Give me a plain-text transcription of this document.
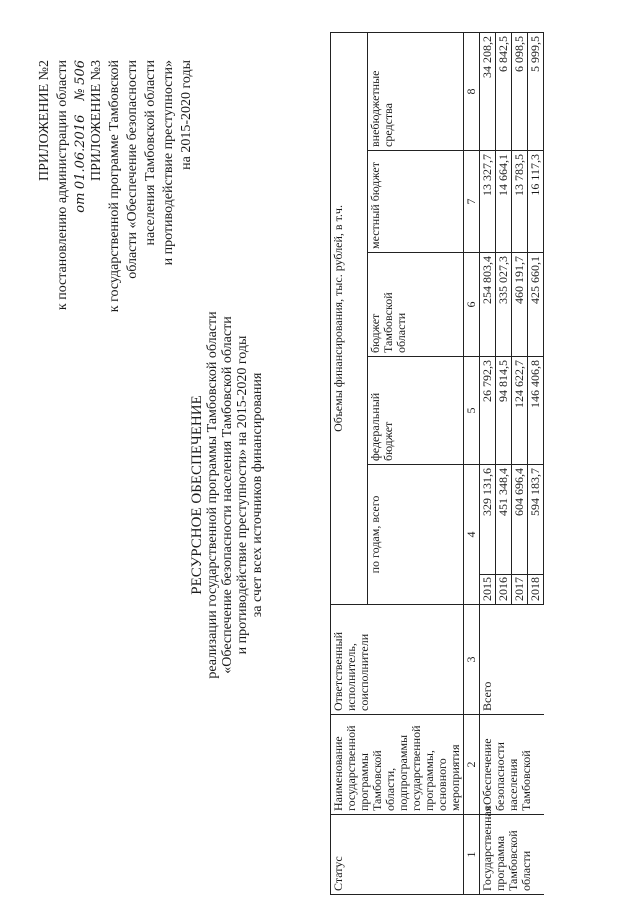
ПРИЛОЖЕНИЕ №2 к постановлению администрации области от 01.06.2016    № 506 ПРИЛОЖЕНИЕ №3 к государственной программе Тамбовской области «Обеспечение безопасности населения Тамбовской области и противодействие преступности» на 2015-2020 годы

РЕСУРСНОЕ ОБЕСПЕЧЕНИЕ реализации государственной программы Тамбовской области «Обеспечение безопасности населения Тамбовской области и противодействие преступности» на 2015-2020 годы за счет всех источников финансирования

Статус	Наименование государственной программы Тамбовской области, подпрограммы государственной программы, основного мероприятия	Ответственный исполнитель, соисполнители	Объемы финансирования, тыс. рублей, в т.ч.					
			по годам, всего		федеральный бюджет	бюджет Тамбовской области	местный бюджет	внебюджетные средства
1	2	3	4		5	6	7	8
Государственная программа Тамбовской области	«Обеспечение безопасности населения Тамбовской	Всего	2015	329 131,6	26 792,3	254 803,4	13 327,7	34 208,2
			2016	451 348,4	94 814,5	335 027,3	14 664,1	6 842,5
			2017	604 696,4	124 622,7	460 191,7	13 783,5	6 098,5
			2018	594 183,7	146 406,8	425 660,1	16 117,3	5 999,5
